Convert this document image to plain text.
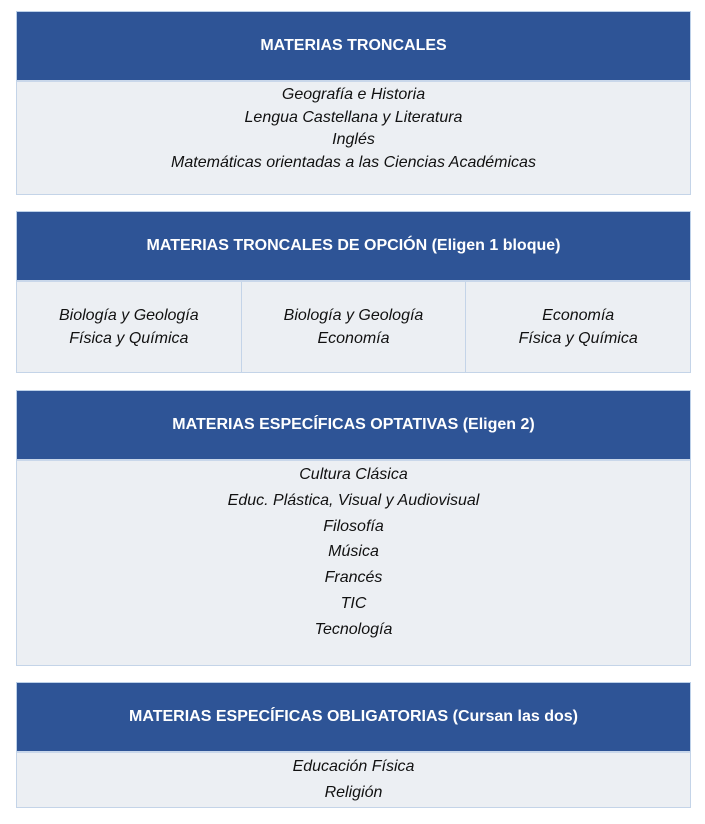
MATERIAS TRONCALES
Geografía e Historia
Lengua Castellana y Literatura
Inglés
Matemáticas orientadas a las Ciencias Académicas
MATERIAS TRONCALES DE OPCIÓN (Eligen 1 bloque)
Biología y Geología
Física y Química
Biología y Geología
Economía
Economía
Física y Química
MATERIAS ESPECÍFICAS OPTATIVAS (Eligen 2)
Cultura Clásica
Educ. Plástica, Visual y Audiovisual
Filosofía
Música
Francés
TIC
Tecnología
MATERIAS ESPECÍFICAS OBLIGATORIAS (Cursan las dos)
Educación Física
Religión
